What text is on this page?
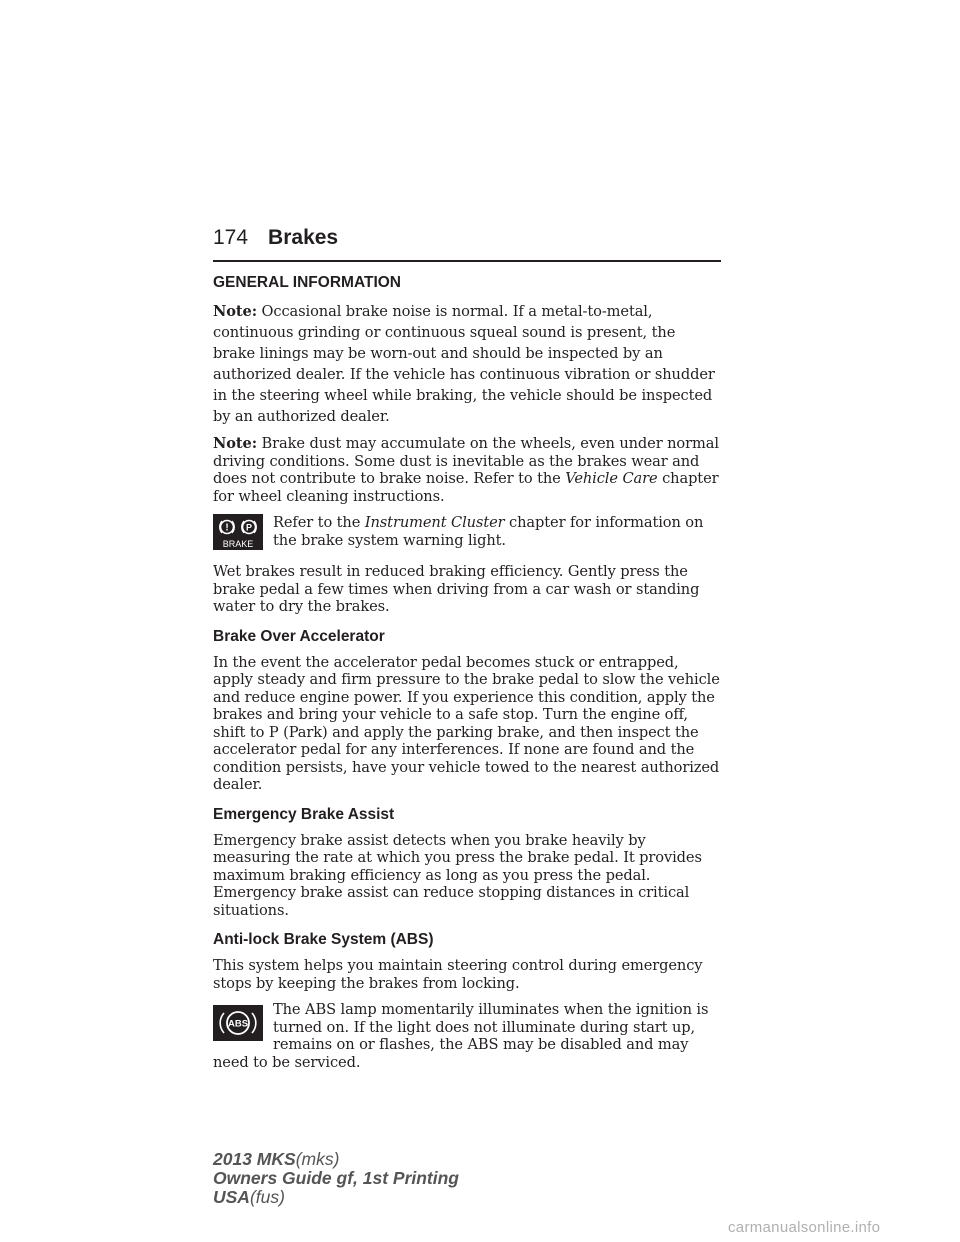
174 Brakes
GENERAL INFORMATION

Note: Occasional brake noise is normal. If a metal-to-metal, continuous grinding or continuous squeal sound is present, the brake linings may be worn-out and should be inspected by an authorized dealer. If the vehicle has continuous vibration or shudder in the steering wheel while braking, the vehicle should be inspected by an authorized dealer.

Note: Brake dust may accumulate on the wheels, even under normal driving conditions. Some dust is inevitable as the brakes wear and does not contribute to brake noise. Refer to the Vehicle Care chapter for wheel cleaning instructions.

! P
BRAKE

Refer to the Instrument Cluster chapter for information on the brake system warning light.

Wet brakes result in reduced braking efficiency. Gently press the brake pedal a few times when driving from a car wash or standing water to dry the brakes.

Brake Over Accelerator

In the event the accelerator pedal becomes stuck or entrapped, apply steady and firm pressure to the brake pedal to slow the vehicle and reduce engine power. If you experience this condition, apply the brakes and bring your vehicle to a safe stop. Turn the engine off, shift to P (Park) and apply the parking brake, and then inspect the accelerator pedal for any interferences. If none are found and the condition persists, have your vehicle towed to the nearest authorized dealer.

Emergency Brake Assist

Emergency brake assist detects when you brake heavily by measuring the rate at which you press the brake pedal. It provides maximum braking efficiency as long as you press the pedal. Emergency brake assist can reduce stopping distances in critical situations.

Anti-lock Brake System (ABS)

This system helps you maintain steering control during emergency stops by keeping the brakes from locking.

ABS

The ABS lamp momentarily illuminates when the ignition is turned on. If the light does not illuminate during start up, remains on or flashes, the ABS may be disabled and may need to be serviced.

2013 MKS(mks)
Owners Guide gf, 1st Printing
USA(fus)
carmanualsonline.info
